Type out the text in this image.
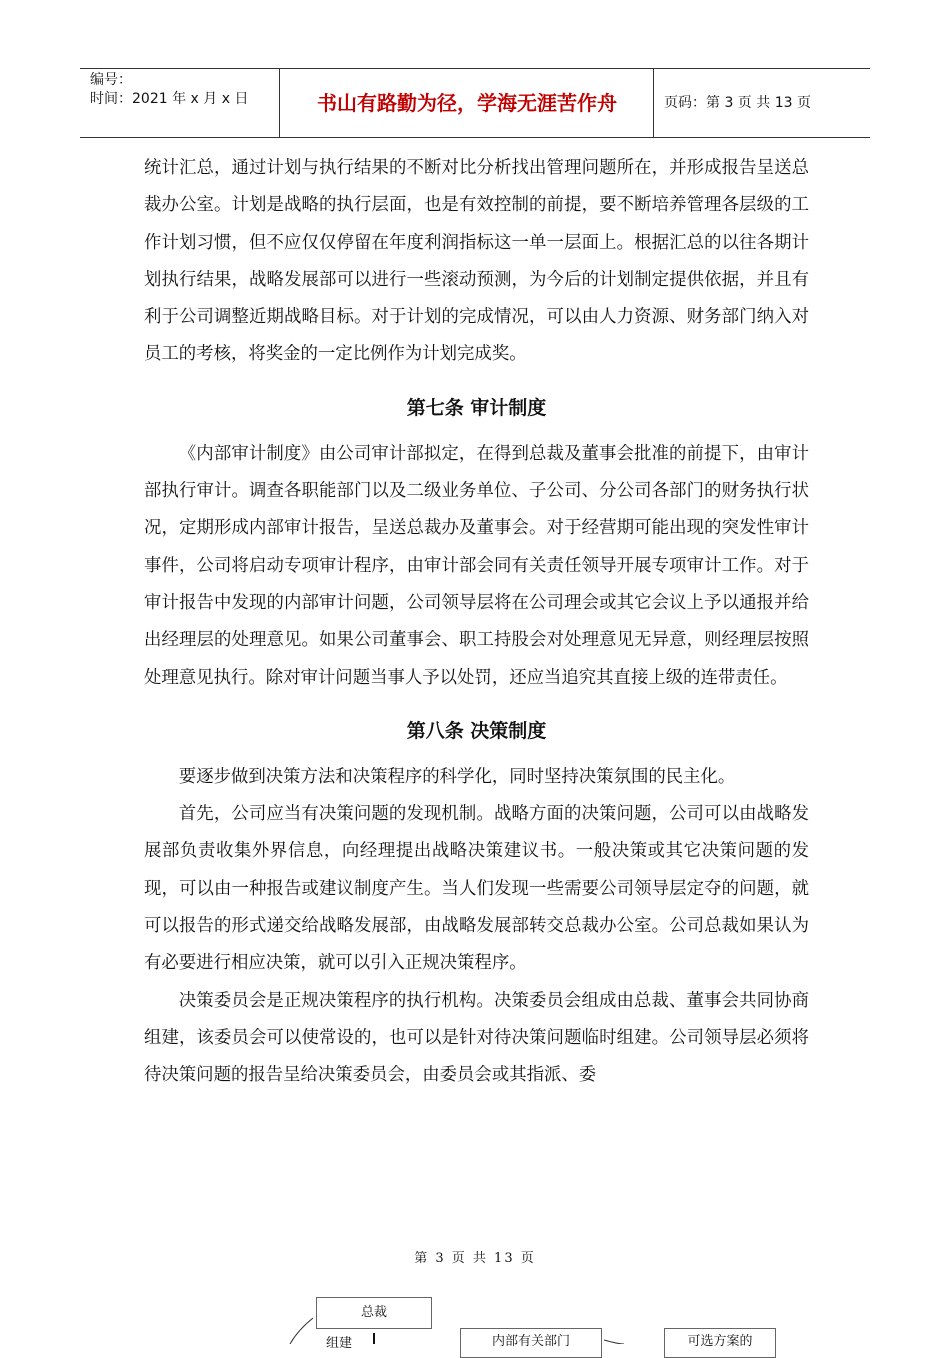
编号：
时间：2021 年 x 月 x 日	书山有路勤为径，学海无涯苦作舟	页码：第 3 页 共 13 页

统计汇总，通过计划与执行结果的不断对比分析找出管理问题所在，并形成报告呈送总裁办公室。计划是战略的执行层面，也是有效控制的前提，要不断培养管理各层级的工作计划习惯，但不应仅仅停留在年度利润指标这一单一层面上。根据汇总的以往各期计划执行结果，战略发展部可以进行一些滚动预测，为今后的计划制定提供依据，并且有利于公司调整近期战略目标。对于计划的完成情况，可以由人力资源、财务部门纳入对员工的考核，将奖金的一定比例作为计划完成奖。

第七条 审计制度

《内部审计制度》由公司审计部拟定，在得到总裁及董事会批准的前提下，由审计部执行审计。调查各职能部门以及二级业务单位、子公司、分公司各部门的财务执行状况，定期形成内部审计报告，呈送总裁办及董事会。对于经营期可能出现的突发性审计事件，公司将启动专项审计程序，由审计部会同有关责任领导开展专项审计工作。对于审计报告中发现的内部审计问题，公司领导层将在公司理会或其它会议上予以通报并给出经理层的处理意见。如果公司董事会、职工持股会对处理意见无异意，则经理层按照处理意见执行。除对审计问题当事人予以处罚，还应当追究其直接上级的连带责任。

第八条 决策制度

要逐步做到决策方法和决策程序的科学化，同时坚持决策氛围的民主化。

首先，公司应当有决策问题的发现机制。战略方面的决策问题，公司可以由战略发展部负责收集外界信息，向经理提出战略决策建议书。一般决策或其它决策问题的发现，可以由一种报告或建议制度产生。当人们发现一些需要公司领导层定夺的问题，就可以报告的形式递交给战略发展部，由战略发展部转交总裁办公室。公司总裁如果认为有必要进行相应决策，就可以引入正规决策程序。

决策委员会是正规决策程序的执行机构。决策委员会组成由总裁、董事会共同协商组建，该委员会可以使常设的，也可以是针对待决策问题临时组建。公司领导层必须将待决策问题的报告呈给决策委员会，由委员会或其指派、委

第 3 页 共 13 页
总裁
组建	内部有关部门	可选方案的
